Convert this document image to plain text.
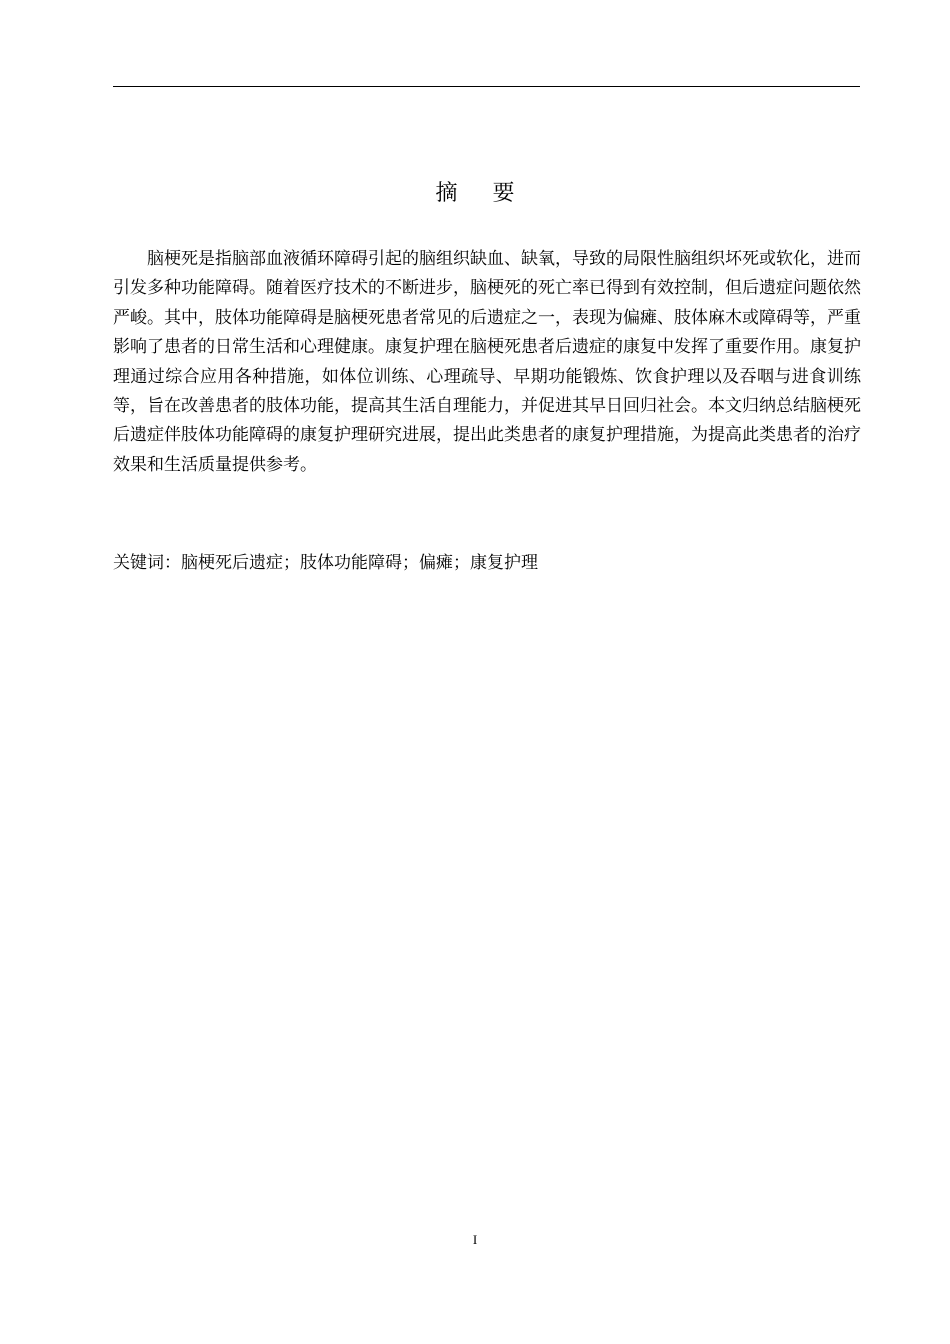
摘 要

脑梗死是指脑部血液循环障碍引起的脑组织缺血、缺氧，导致的局限性脑组织坏死或软化，进而引发多种功能障碍。随着医疗技术的不断进步，脑梗死的死亡率已得到有效控制，但后遗症问题依然严峻。其中，肢体功能障碍是脑梗死患者常见的后遗症之一，表现为偏瘫、肢体麻木或障碍等，严重影响了患者的日常生活和心理健康。康复护理在脑梗死患者后遗症的康复中发挥了重要作用。康复护理通过综合应用各种措施，如体位训练、心理疏导、早期功能锻炼、饮食护理以及吞咽与进食训练等，旨在改善患者的肢体功能，提高其生活自理能力，并促进其早日回归社会。本文归纳总结脑梗死后遗症伴肢体功能障碍的康复护理研究进展，提出此类患者的康复护理措施，为提高此类患者的治疗效果和生活质量提供参考。

关键词：脑梗死后遗症；肢体功能障碍；偏瘫；康复护理

I
